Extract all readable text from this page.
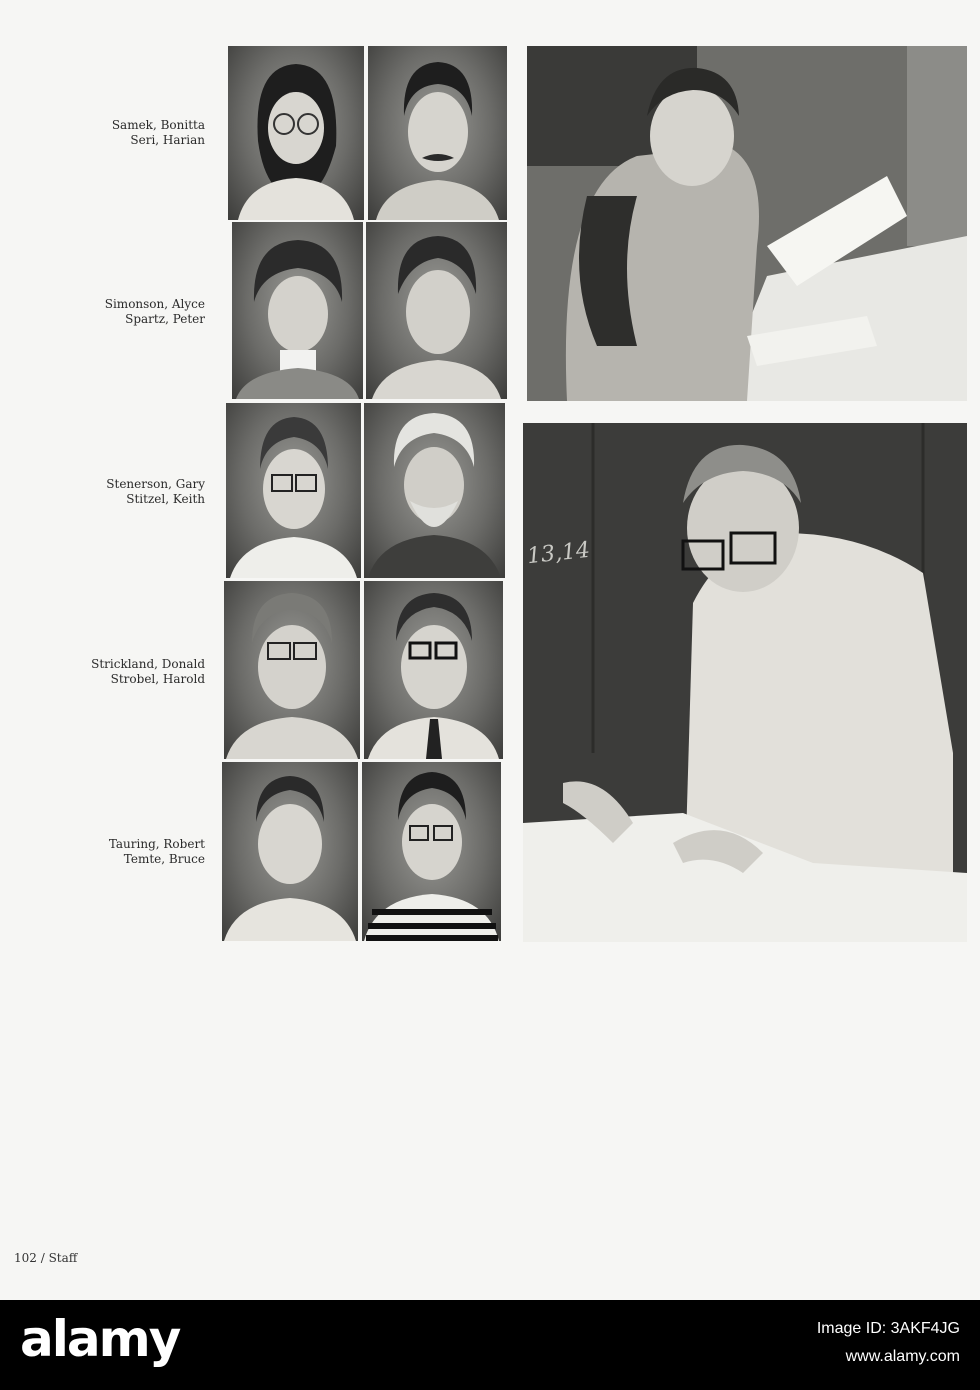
Samek, Bonitta
Seri, Harian
Simonson, Alyce
Spartz, Peter
Stenerson, Gary
Stitzel, Keith
Strickland, Donald
Strobel, Harold
Tauring, Robert
Temte, Bruce
13,14
102 / Staff
alamy	Image ID: 3AKF4JG
www.alamy.com
